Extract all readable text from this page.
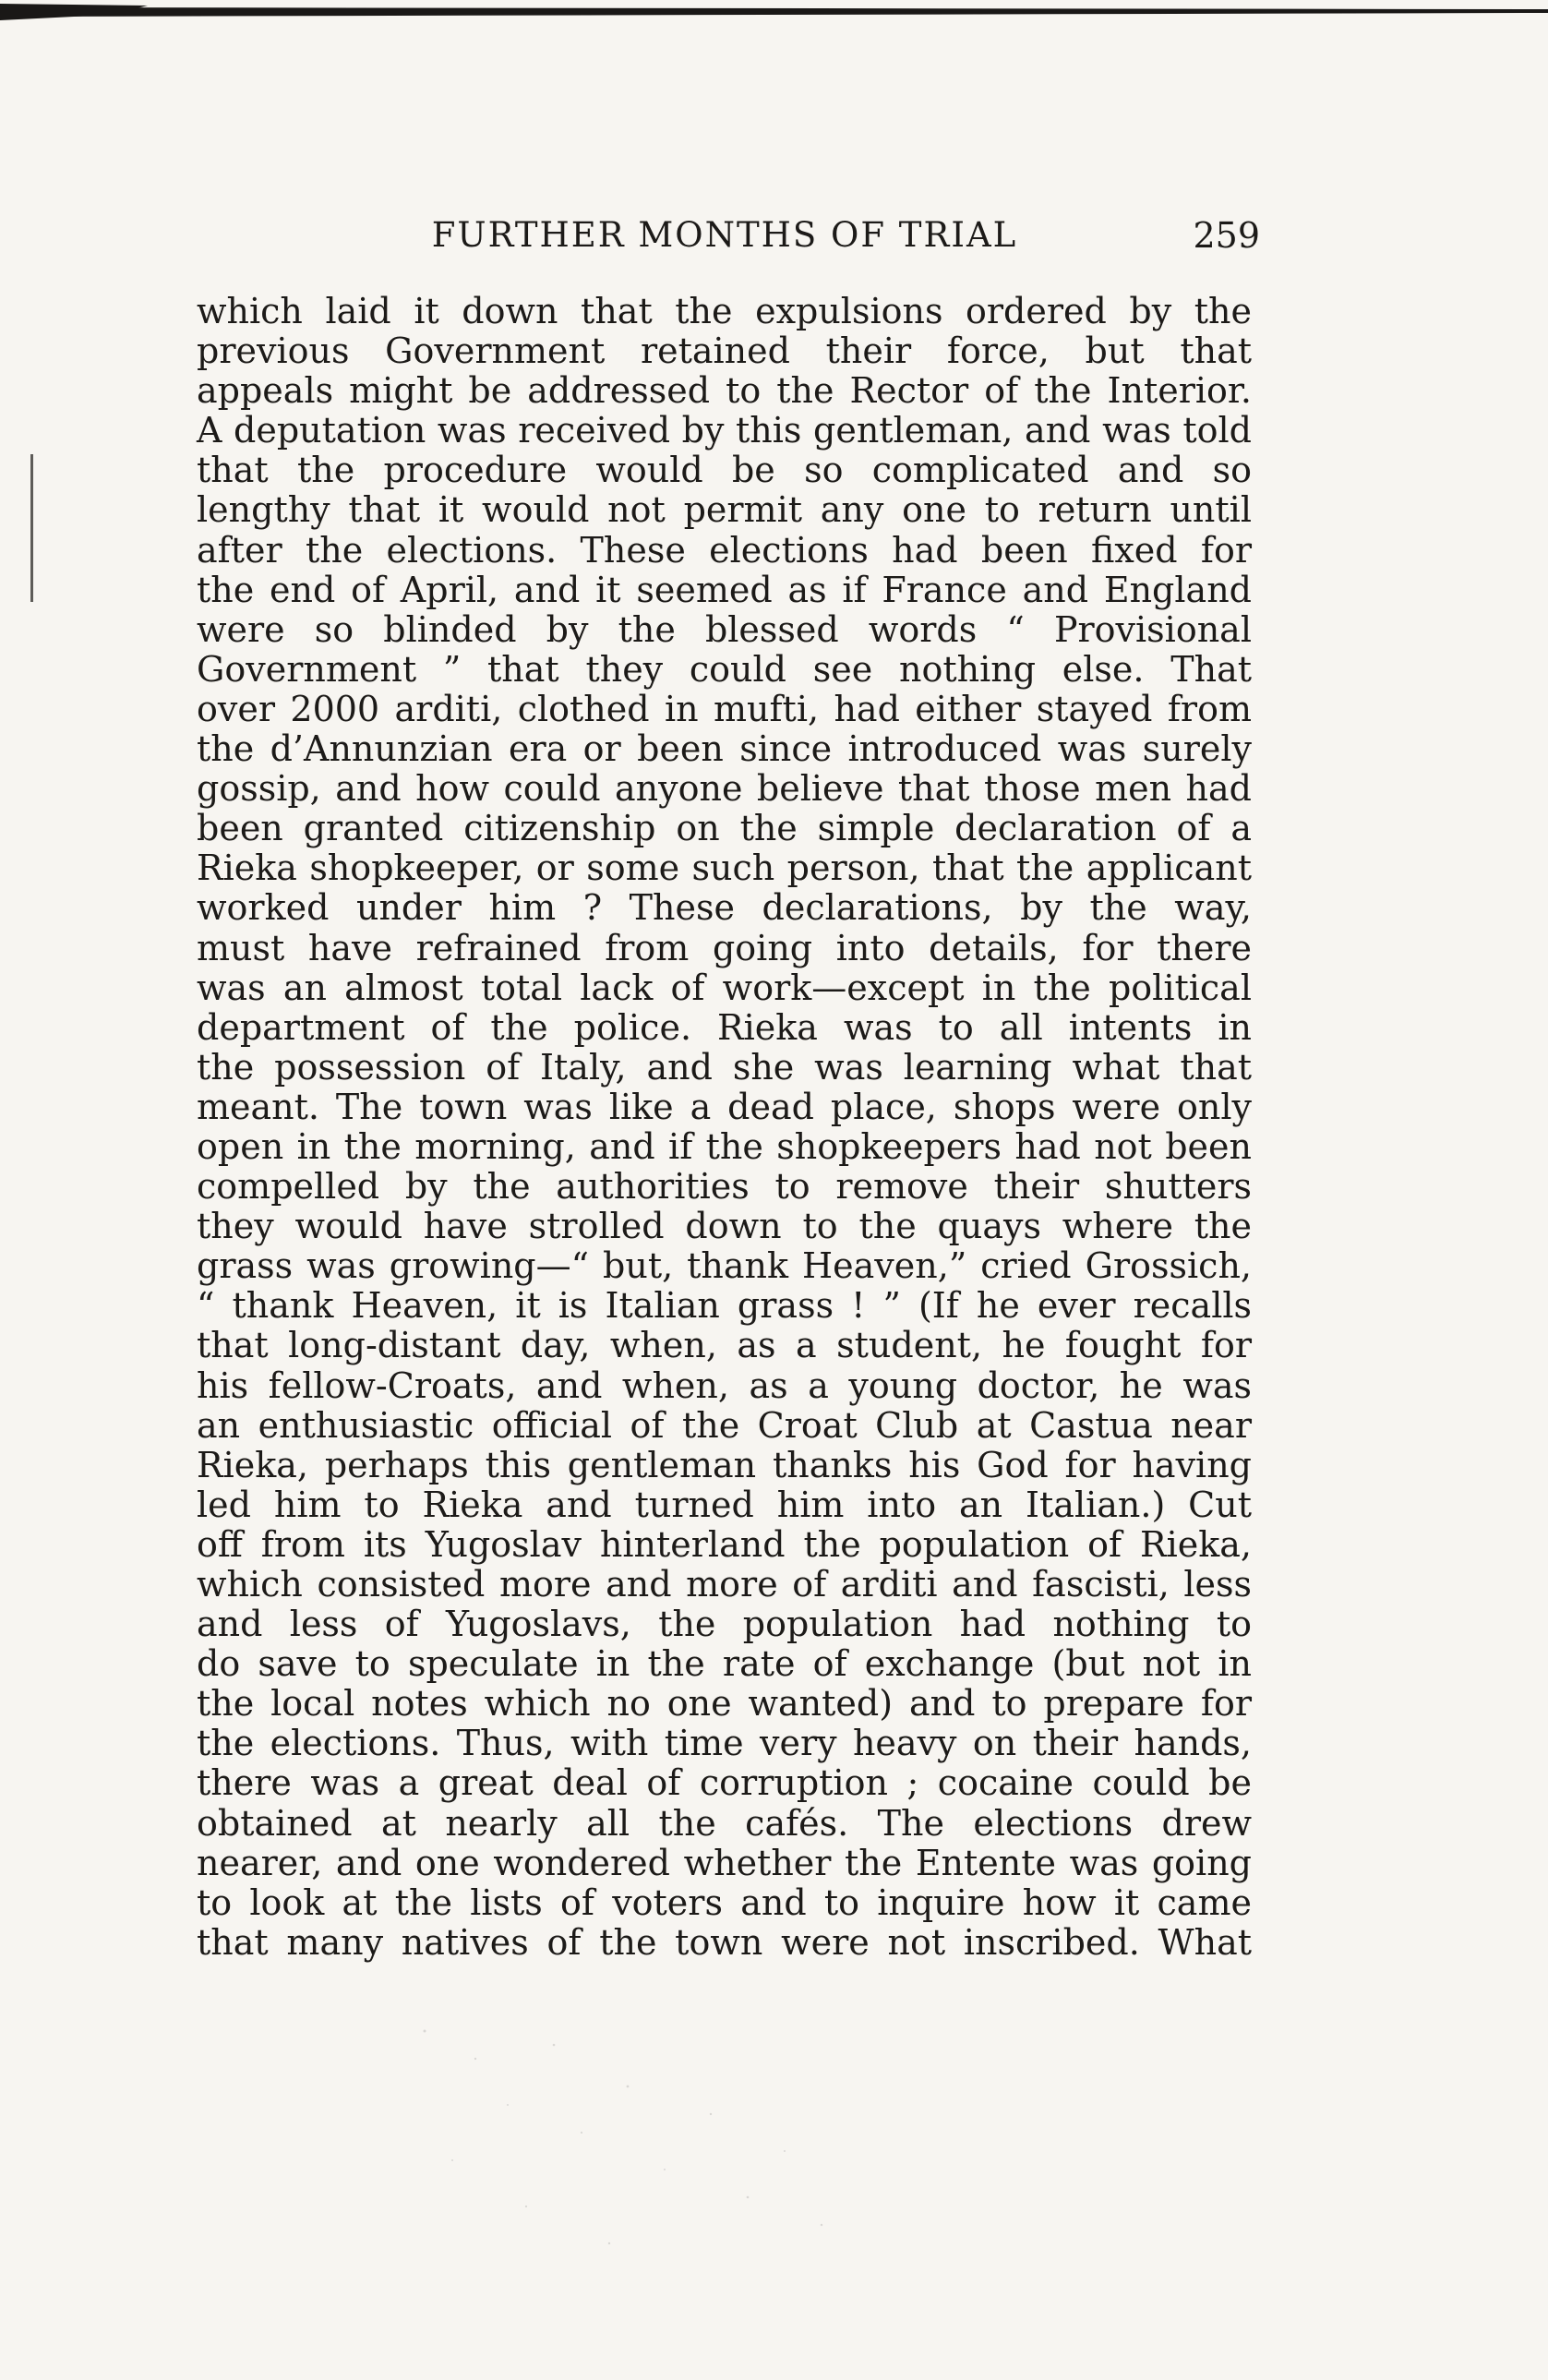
FURTHER MONTHS OF TRIAL	259
which laid it down that the expulsions ordered by the
previous Government retained their force, but that
appeals might be addressed to the Rector of the Interior.
A deputation was received by this gentleman, and was told
that the procedure would be so complicated and so
lengthy that it would not permit any one to return until
after the elections. These elections had been fixed for
the end of April, and it seemed as if France and England
were so blinded by the blessed words “ Provisional
Government ” that they could see nothing else. That
over 2000 arditi, clothed in mufti, had either stayed from
the d’Annunzian era or been since introduced was surely
gossip, and how could anyone believe that those men had
been granted citizenship on the simple declaration of a
Rieka shopkeeper, or some such person, that the applicant
worked under him ? These declarations, by the way,
must have refrained from going into details, for there
was an almost total lack of work—except in the political
department of the police. Rieka was to all intents in
the possession of Italy, and she was learning what that
meant. The town was like a dead place, shops were only
open in the morning, and if the shopkeepers had not been
compelled by the authorities to remove their shutters
they would have strolled down to the quays where the
grass was growing—“ but, thank Heaven,” cried Grossich,
“ thank Heaven, it is Italian grass ! ” (If he ever recalls
that long-distant day, when, as a student, he fought for
his fellow-Croats, and when, as a young doctor, he was
an enthusiastic official of the Croat Club at Castua near
Rieka, perhaps this gentleman thanks his God for having
led him to Rieka and turned him into an Italian.) Cut
off from its Yugoslav hinterland the population of Rieka,
which consisted more and more of arditi and fascisti, less
and less of Yugoslavs, the population had nothing to
do save to speculate in the rate of exchange (but not in
the local notes which no one wanted) and to prepare for
the elections. Thus, with time very heavy on their hands,
there was a great deal of corruption ; cocaine could be
obtained at nearly all the cafés. The elections drew
nearer, and one wondered whether the Entente was going
to look at the lists of voters and to inquire how it came
that many natives of the town were not inscribed. What
